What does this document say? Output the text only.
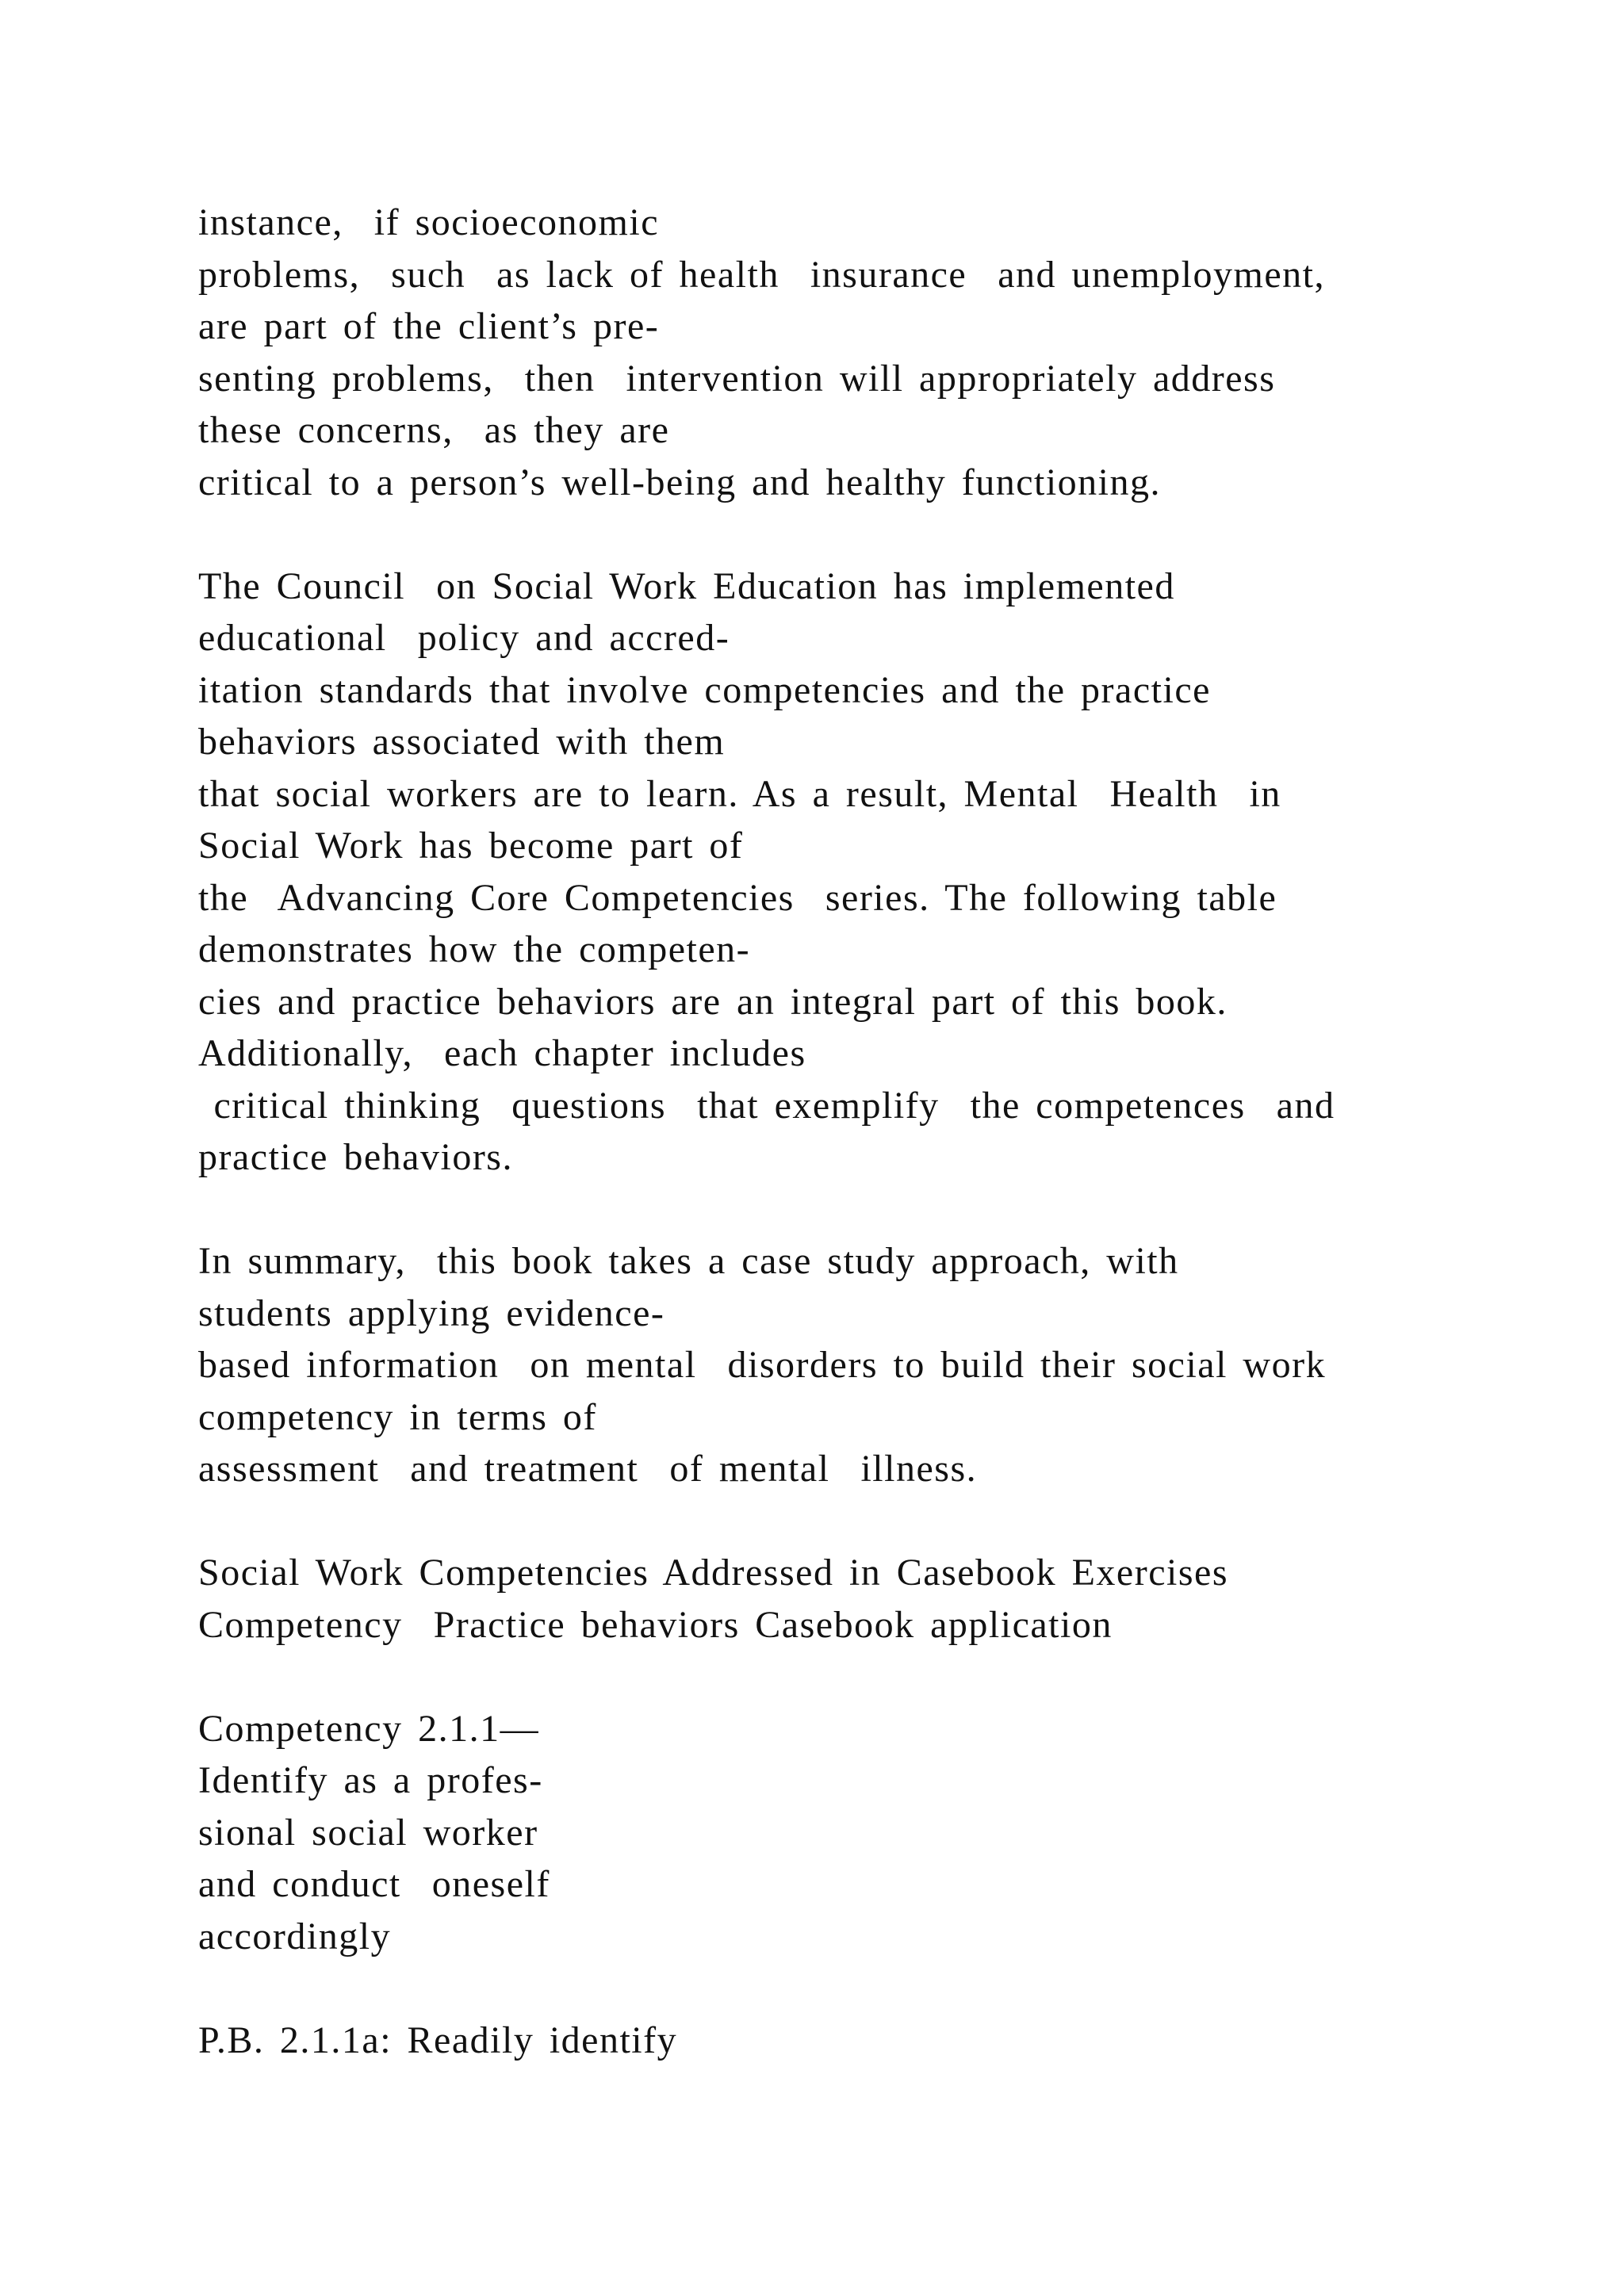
instance,  if socioeconomic
problems,  such  as lack of health  insurance  and unemployment,
are part of the client’s pre-
senting problems,  then  intervention will appropriately address
these concerns,  as they are
critical to a person’s well-being and healthy functioning.
The Council  on Social Work Education has implemented
educational  policy and accred-
itation standards that involve competencies and the practice
behaviors associated with them
that social workers are to learn. As a result, Mental  Health  in
Social Work has become part of
the  Advancing Core Competencies  series. The following table
demonstrates how the competen-
cies and practice behaviors are an integral part of this book.
Additionally,  each chapter includes
critical thinking  questions  that exemplify  the competences  and
practice behaviors.
In summary,  this book takes a case study approach, with
students applying evidence-
based information  on mental  disorders to build their social work
competency in terms of
assessment  and treatment  of mental  illness.
Social Work Competencies Addressed in Casebook Exercises
Competency  Practice behaviors Casebook application
Competency 2.1.1—
Identify as a profes-
sional social worker
and conduct  oneself
accordingly
P.B. 2.1.1a: Readily identify
